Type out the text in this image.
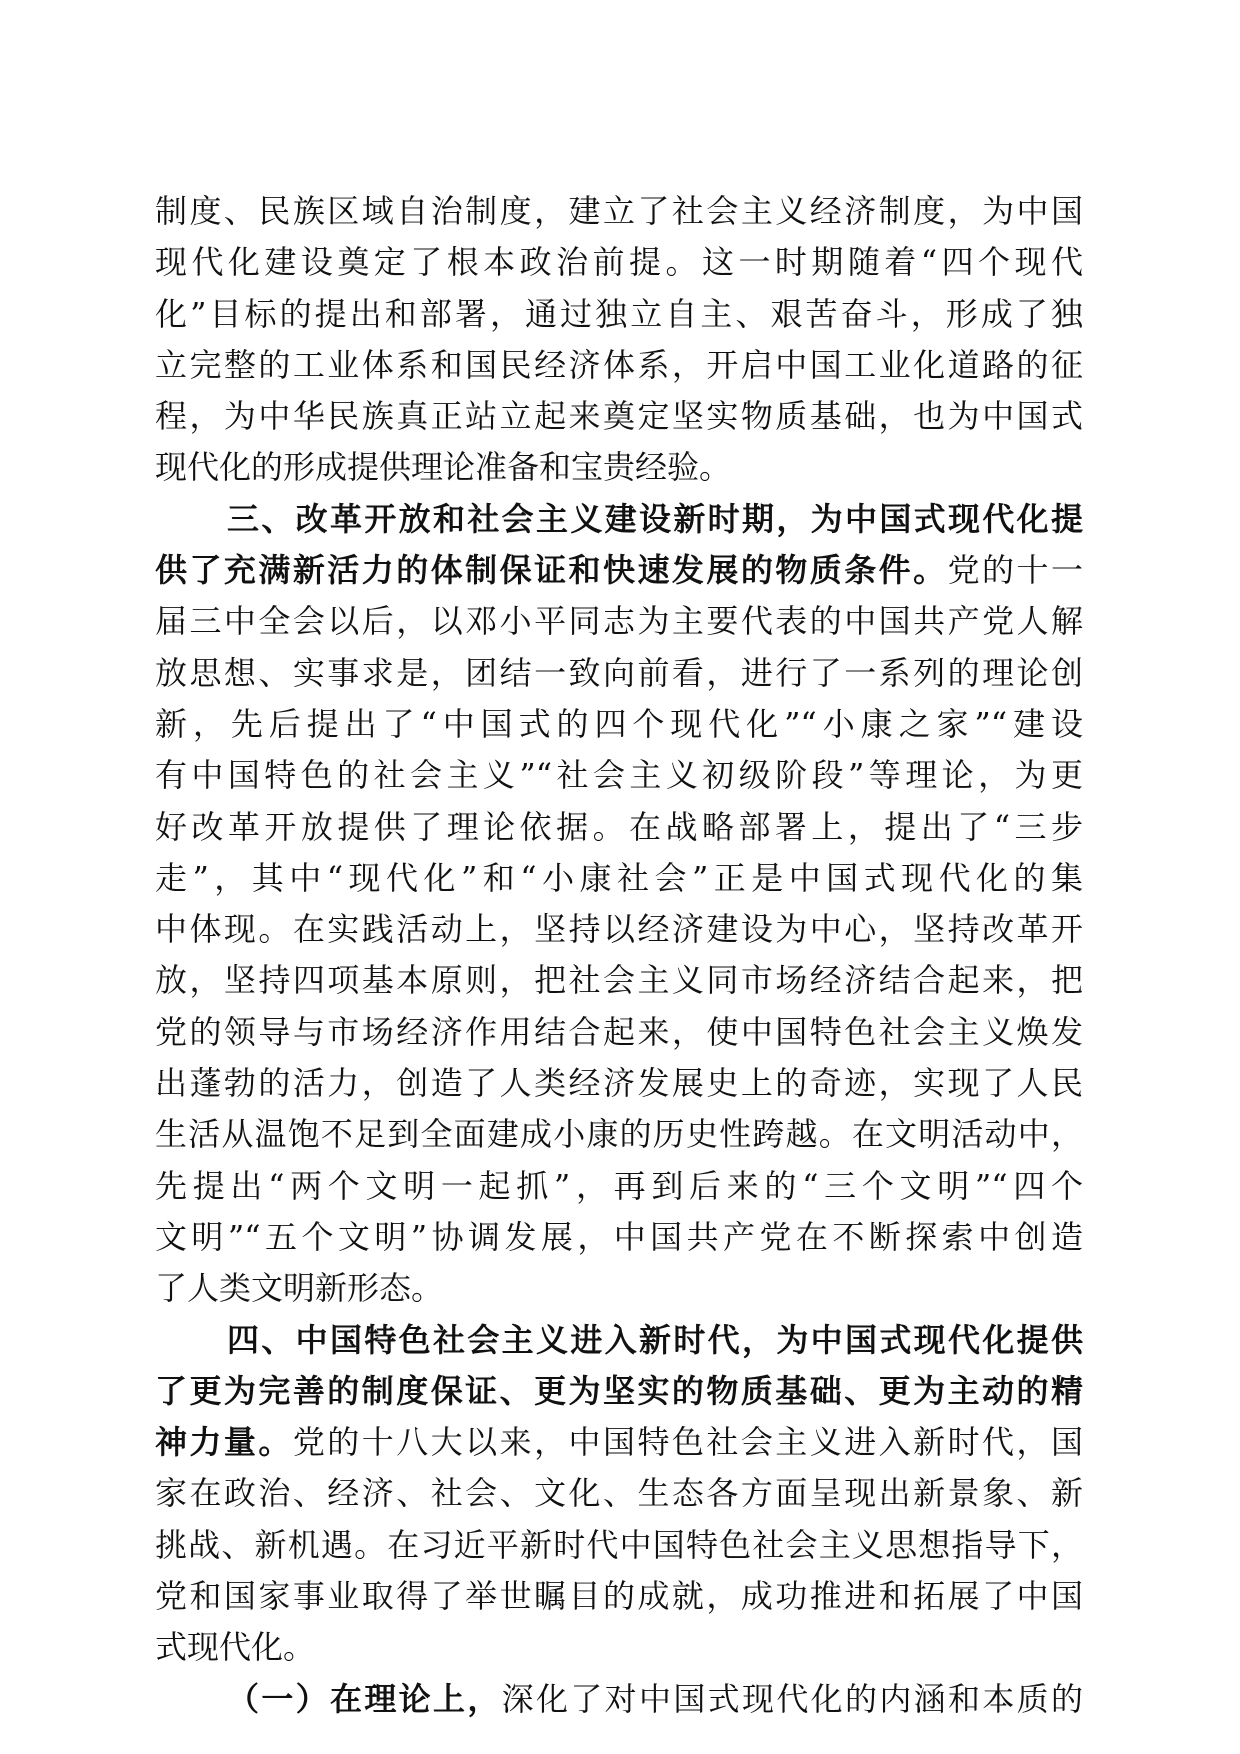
制度、民族区域自治制度，建立了社会主义经济制度，为中国
现代化建设奠定了根本政治前提。这一时期随着“四个现代
化”目标的提出和部署，通过独立自主、艰苦奋斗，形成了独
立完整的工业体系和国民经济体系，开启中国工业化道路的征
程，为中华民族真正站立起来奠定坚实物质基础，也为中国式
现代化的形成提供理论准备和宝贵经验。
三、改革开放和社会主义建设新时期，为中国式现代化提
供了充满新活力的体制保证和快速发展的物质条件。党的十一
届三中全会以后，以邓小平同志为主要代表的中国共产党人解
放思想、实事求是，团结一致向前看，进行了一系列的理论创
新，先后提出了“中国式的四个现代化”“小康之家”“建设
有中国特色的社会主义”“社会主义初级阶段”等理论，为更
好改革开放提供了理论依据。在战略部署上，提出了“三步
走”，其中“现代化”和“小康社会”正是中国式现代化的集
中体现。在实践活动上，坚持以经济建设为中心，坚持改革开
放，坚持四项基本原则，把社会主义同市场经济结合起来，把
党的领导与市场经济作用结合起来，使中国特色社会主义焕发
出蓬勃的活力，创造了人类经济发展史上的奇迹，实现了人民
生活从温饱不足到全面建成小康的历史性跨越。在文明活动中，
先提出“两个文明一起抓”，再到后来的“三个文明”“四个
文明”“五个文明”协调发展，中国共产党在不断探索中创造
了人类文明新形态。
四、中国特色社会主义进入新时代，为中国式现代化提供
了更为完善的制度保证、更为坚实的物质基础、更为主动的精
神力量。党的十八大以来，中国特色社会主义进入新时代，国
家在政治、经济、社会、文化、生态各方面呈现出新景象、新
挑战、新机遇。在习近平新时代中国特色社会主义思想指导下，
党和国家事业取得了举世瞩目的成就，成功推进和拓展了中国
式现代化。
（一）在理论上，深化了对中国式现代化的内涵和本质的
